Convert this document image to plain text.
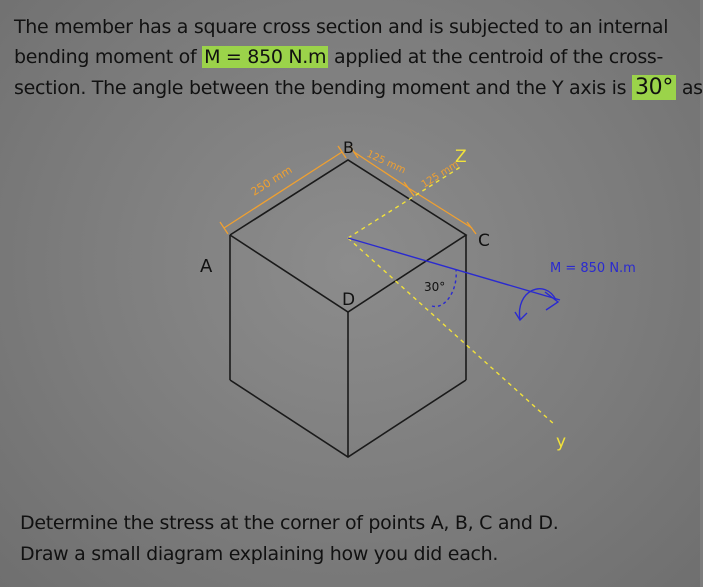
The member has a square cross section and is subjected to an internal
bending moment of M = 850 N.m applied at the centroid of the cross-
section. The angle between the bending moment and the Y axis is 30° as
A
B
C
D
Z
y
250 mm
125 mm 125 mm
30°
M = 850 N.m
Determine the stress at the corner of points A, B, C and D.
Draw a small diagram explaining how you did each.
